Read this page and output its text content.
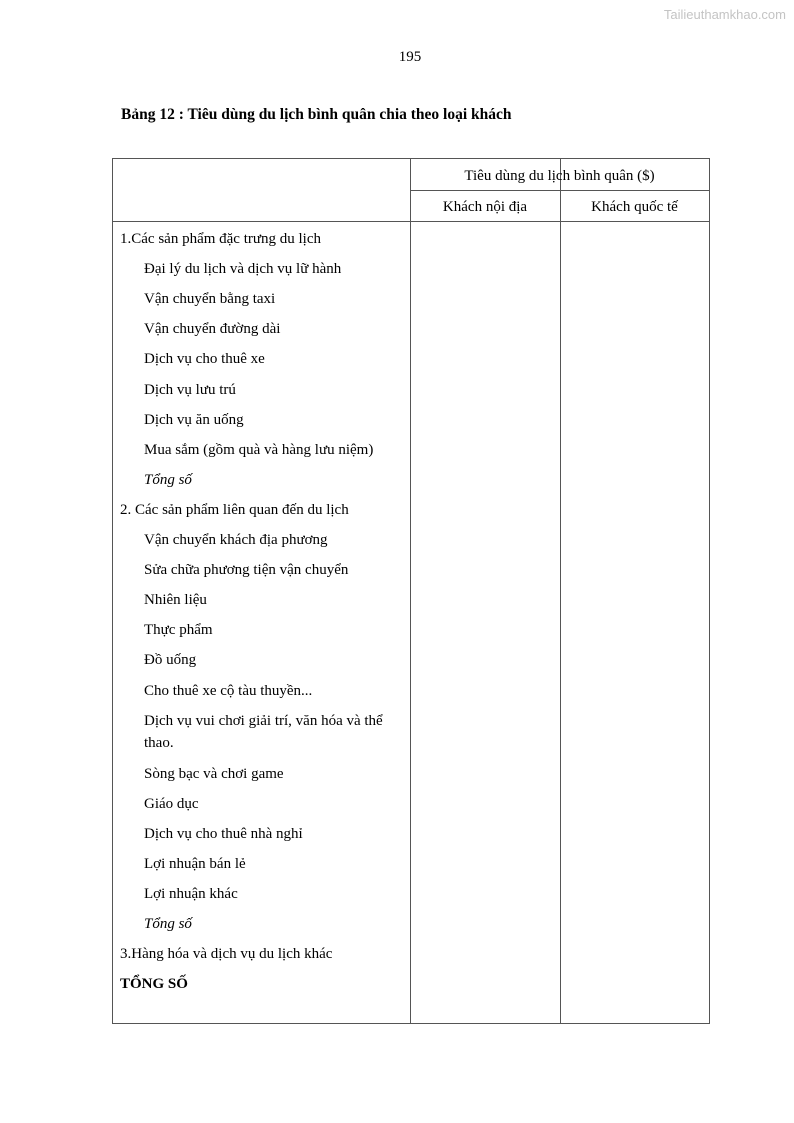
Tailieuthamkhao.com
195
Bảng 12 : Tiêu dùng du lịch bình quân chia theo loại khách
Tiêu dùng du lịch bình quân ($)
Khách nội địa	Khách quốc tế
1.Các sản phẩm đặc trưng du lịch
Đại lý du lịch và dịch vụ lữ hành
Vận chuyển bằng taxi
Vận chuyển đường dài
Dịch vụ cho thuê xe
Dịch vụ lưu trú
Dịch vụ ăn uống
Mua sắm (gồm quà và hàng lưu niệm)
Tổng số
2. Các sản phẩm liên quan đến du lịch
Vận chuyển khách địa phương
Sửa chữa phương tiện vận chuyển
Nhiên liệu
Thực phẩm
Đồ uống
Cho thuê xe cộ tàu thuyền...
Dịch vụ vui chơi giải trí, văn hóa và thể thao.
Sòng bạc và chơi game
Giáo dục
Dịch vụ cho thuê nhà nghỉ
Lợi nhuận bán lẻ
Lợi nhuận khác
Tổng số
3.Hàng hóa và dịch vụ du lịch khác
TỔNG SỐ
